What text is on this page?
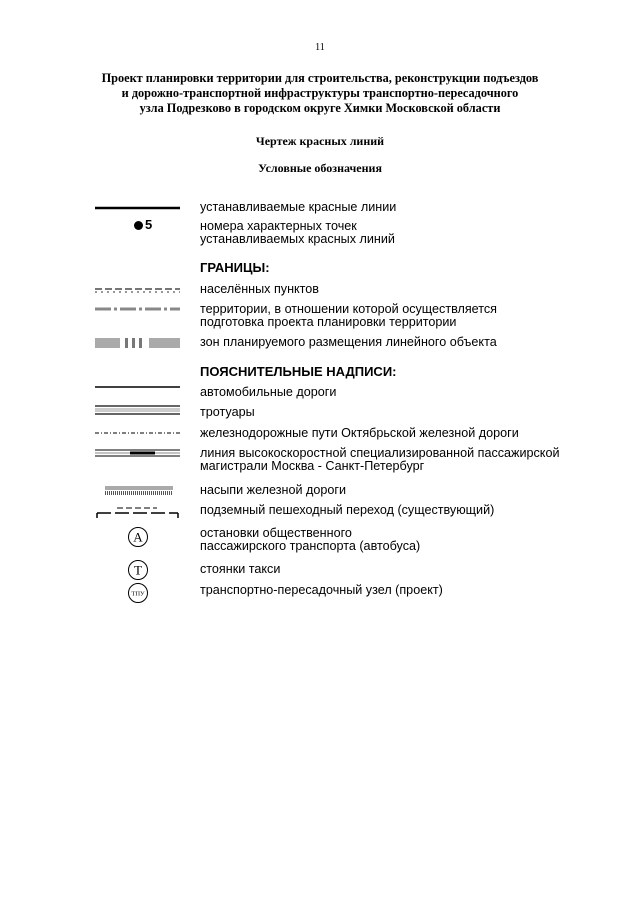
11
Проект планировки территории для строительства, реконструкции подъездов
и дорожно-транспортной инфраструктуры транспортно-пересадочного
узла Подрезково в городском округе Химки Московской области
Чертеж красных линий
Условные обозначения
устанавливаемые красные линии
5	номера характерных точек
устанавливаемых красных линий
ГРАНИЦЫ:
населённых пунктов
территории, в отношении которой осуществляется
подготовка проекта планировки территории
зон планируемого размещения линейного объекта
ПОЯСНИТЕЛЬНЫЕ НАДПИСИ:
автомобильные дороги
тротуары
железнодорожные пути Октябрьской железной дороги
линия высокоскоростной специализированной пассажирской
магистрали Москва - Санкт-Петербург
насыпи железной дороги
подземный пешеходный переход (существующий)
А	остановки общественного
пассажирского транспорта (автобуса)
Т	стоянки такси
ТПУ	транспортно-пересадочный узел (проект)
